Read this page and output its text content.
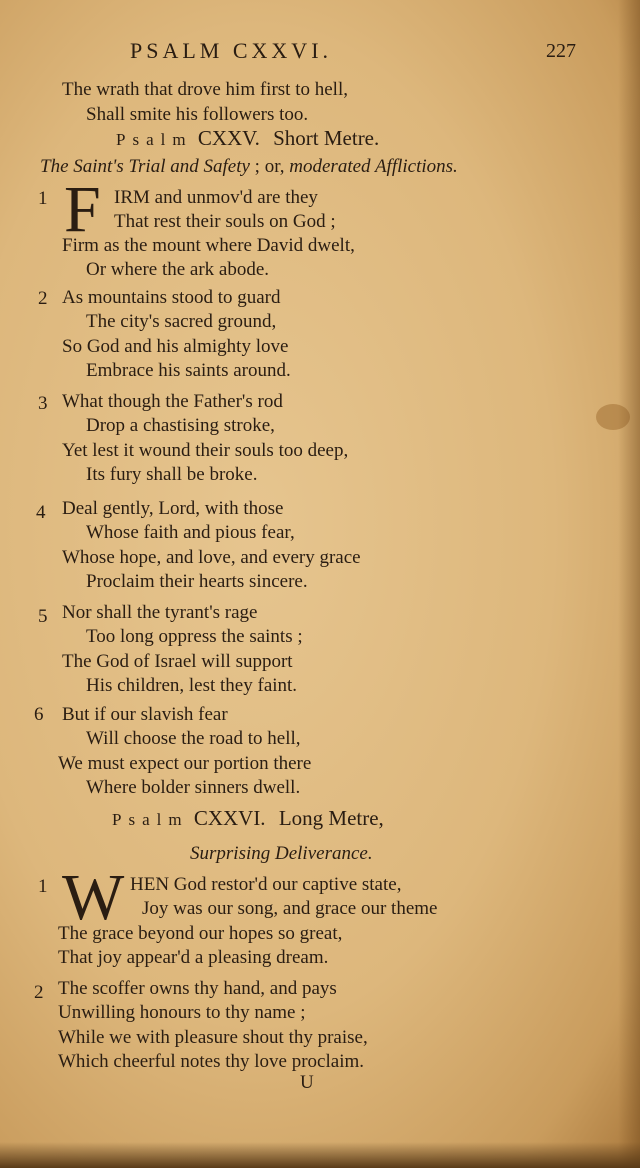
PSALM CXXVI.	227
The wrath that drove him first to hell,
Shall smite his followers too.
Psalm CXXV. Short Metre.
The Saint's Trial and Safety ; or, moderated Afflictions.
1 F IRM and unmov'd are they
That rest their souls on God ;
Firm as the mount where David dwelt,
Or where the ark abode.
2 As mountains stood to guard
The city's sacred ground,
So God and his almighty love
Embrace his saints around.
3 What though the Father's rod
Drop a chastising stroke,
Yet lest it wound their souls too deep,
Its fury shall be broke.
4 Deal gently, Lord, with those
Whose faith and pious fear,
Whose hope, and love, and every grace
Proclaim their hearts sincere.
5 Nor shall the tyrant's rage
Too long oppress the saints ;
The God of Israel will support
His children, lest they faint.
6 But if our slavish fear
Will choose the road to hell,
We must expect our portion there
Where bolder sinners dwell.
Psalm CXXVI. Long Metre,
Surprising Deliverance.
1 W HEN God restor'd our captive state,
Joy was our song, and grace our theme
The grace beyond our hopes so great,
That joy appear'd a pleasing dream.
2 The scoffer owns thy hand, and pays
Unwilling honours to thy name ;
While we with pleasure shout thy praise,
Which cheerful notes thy love proclaim.
U
